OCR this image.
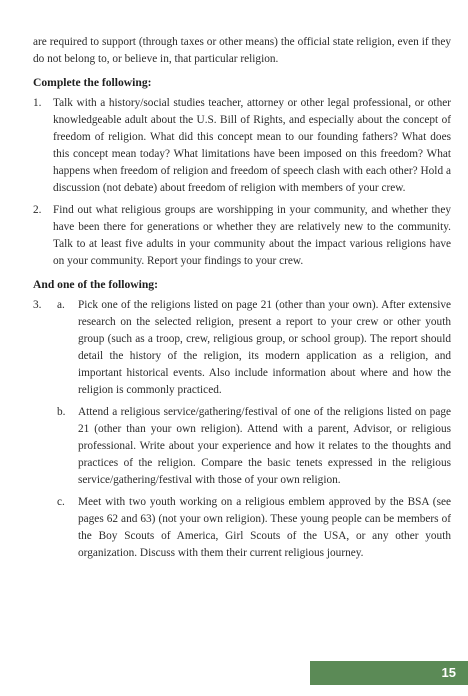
are required to support (through taxes or other means) the official state religion, even if they do not belong to, or believe in, that particular religion.

Complete the following:

1. Talk with a history/social studies teacher, attorney or other legal professional, or other knowledgeable adult about the U.S. Bill of Rights, and especially about the concept of freedom of religion. What did this concept mean to our founding fathers? What does this concept mean today? What limitations have been imposed on this freedom? What happens when freedom of religion and freedom of speech clash with each other? Hold a discussion (not debate) about freedom of religion with members of your crew.
2. Find out what religious groups are worshipping in your community, and whether they have been there for generations or whether they are relatively new to the community. Talk to at least five adults in your community about the impact various religions have on your community. Report your findings to your crew.

And one of the following:

3. a. Pick one of the religions listed on page 21 (other than your own). After extensive research on the selected religion, present a report to your crew or other youth group (such as a troop, crew, religious group, or school group). The report should detail the history of the religion, its modern application as a religion, and important historical events. Also include information about where and how the religion is commonly practiced.
b. Attend a religious service/gathering/festival of one of the religions listed on page 21 (other than your own religion). Attend with a parent, Advisor, or religious professional. Write about your experience and how it relates to the thoughts and practices of the religion. Compare the basic tenets expressed in the religious service/gathering/festival with those of your own religion.
c. Meet with two youth working on a religious emblem approved by the BSA (see pages 62 and 63) (not your own religion). These young people can be members of the Boy Scouts of America, Girl Scouts of the USA, or any other youth organization. Discuss with them their current religious journey.
15
